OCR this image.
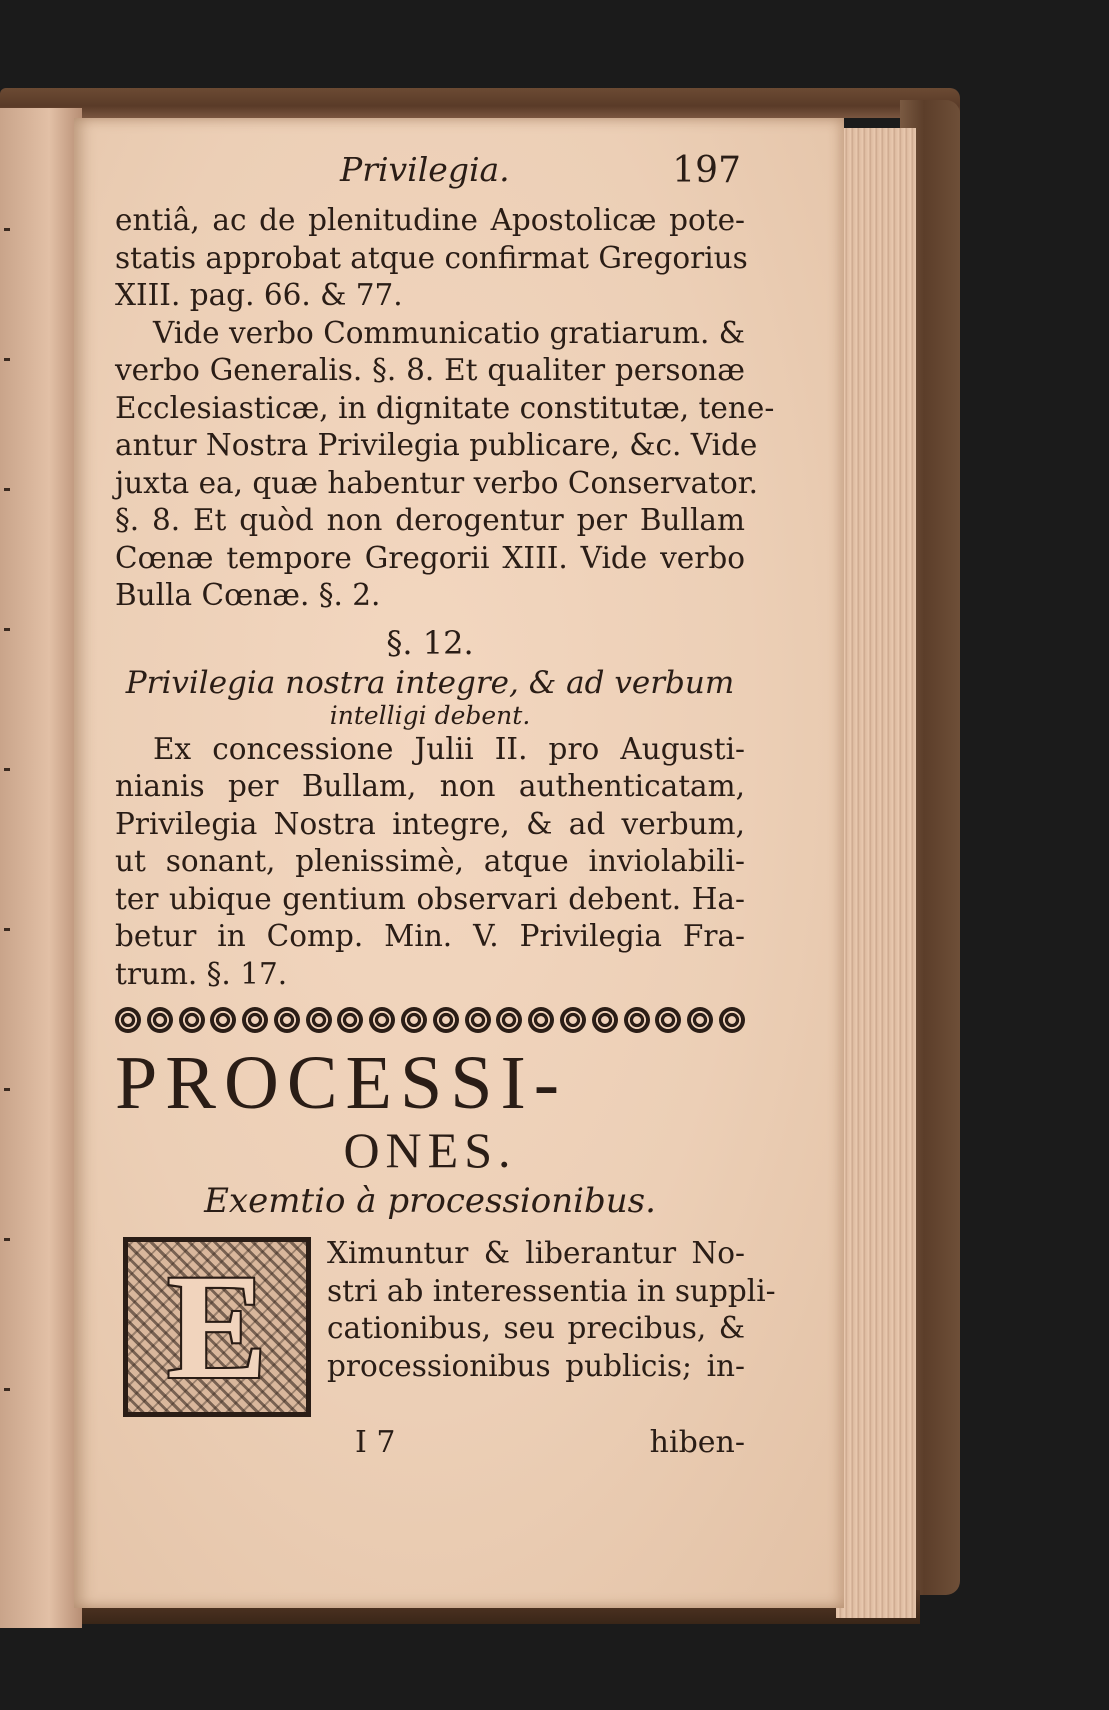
Privilegia.	197
entiâ, ac de plenitudine Apostolicæ pote-
statis approbat atque confirmat Gregorius
XIII. pag. 66. & 77.
Vide verbo Communicatio gratiarum. &
verbo Generalis. §. 8. Et qualiter personæ
Ecclesiasticæ, in dignitate constitutæ, tene-
antur Nostra Privilegia publicare, &c. Vide
juxta ea, quæ habentur verbo Conservator.
§. 8. Et quòd non derogentur per Bullam
Cœnæ tempore Gregorii XIII. Vide verbo
Bulla Cœnæ. §. 2.
§. 12.
Privilegia nostra integre, & ad verbum
intelligi debent.
Ex concessione Julii II. pro Augusti-
nianis per Bullam, non authenticatam,
Privilegia Nostra integre, & ad verbum,
ut sonant, plenissimè, atque inviolabili-
ter ubique gentium observari debent. Ha-
betur in Comp. Min. V. Privilegia Fra-
trum. §. 17.
PROCESSI-
ONES.
Exemtio à processionibus.
E Ximuntur & liberantur No-
stri ab interessentia in suppli-
cationibus, seu precibus, &
processionibus publicis; in-
I 7	hiben-
